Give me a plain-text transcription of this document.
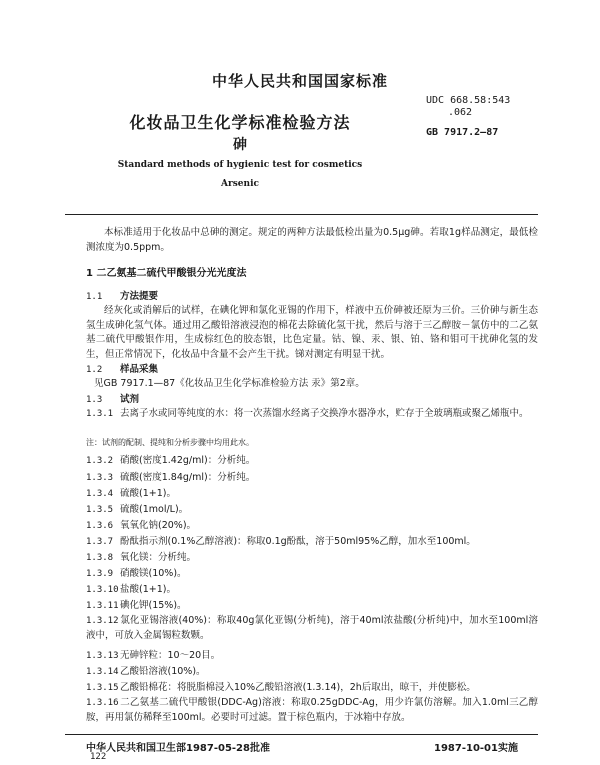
中华人民共和国国家标准
UDC 668.58:543
.062
GB 7917.2—87
化妆品卫生化学标准检验方法
砷
Standard methods of hygienic test for cosmetics
Arsenic
本标准适用于化妆品中总砷的测定。规定的两种方法最低检出量为0.5μg砷。若取1g样品测定，最低检测浓度为0.5ppm。
1 二乙氨基二硫代甲酸银分光光度法
1.1 方法提要
经灰化或消解后的试样，在碘化钾和氯化亚锡的作用下，样液中五价砷被还原为三价。三价砷与新生态氢生成砷化氢气体。通过用乙酸铅溶液浸泡的棉花去除硫化氢干扰，然后与溶于三乙醇胺－氯仿中的二乙氨基二硫代甲酸银作用，生成棕红色的胶态银，比色定量。钴、镍、汞、银、铂、铬和钼可干扰砷化氢的发生，但正常情况下，化妆品中含量不会产生干扰。锑对测定有明显干扰。
1.2 样品采集
见GB 7917.1—87《化妆品卫生化学标准检验方法 汞》第2章。
1.3 试剂
1.3.1 去离子水或同等纯度的水：将一次蒸馏水经离子交换净水器净水，贮存于全玻璃瓶或聚乙烯瓶中。
注：试剂的配制、提纯和分析步骤中均用此水。
1.3.2 硝酸(密度1.42g/ml)：分析纯。
1.3.3 硫酸(密度1.84g/ml)：分析纯。
1.3.4 硫酸(1+1)。
1.3.5 硫酸(1mol/L)。
1.3.6 氧氧化钠(20%)。
1.3.7 酚酞指示剂(0.1%乙醇溶液)：称取0.1g酚酞，溶于50ml95%乙醇，加水至100ml。
1.3.8 氧化镁：分析纯。
1.3.9 硝酸镁(10%)。
1.3.10盐酸(1+1)。
1.3.11碘化钾(15%)。
1.3.12氯化亚锡溶液(40%)：称取40g氯化亚锡(分析纯)，溶于40ml浓盐酸(分析纯)中，加水至100ml溶液中，可放入金属锡粒数颗。
1.3.13无砷锌粒：10～20目。
1.3.14乙酸铅溶液(10%)。
1.3.15乙酸铅棉花：将脱脂棉浸入10%乙酸铅溶液(1.3.14)，2h后取出，晾干，并使膨松。
1.3.16二乙氨基二硫代甲酸银(DDC-Ag)溶液：称取0.25gDDC-Ag，用少许氯仿溶解。加入1.0ml三乙醇胺，再用氯仿稀释至100ml。必要时可过滤。置于棕色瓶内，于冰箱中存放。
中华人民共和国卫生部1987-05-28批准	1987-10-01实施
122
